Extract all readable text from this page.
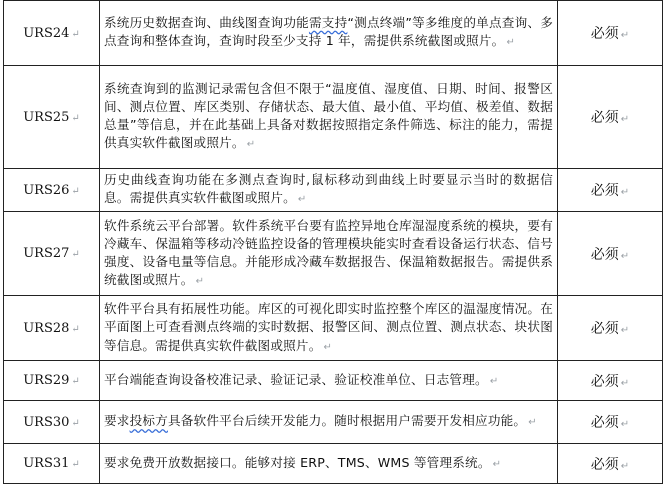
URS24 ↵	系统历史数据查询、曲线图查询功能需支持“测点终端”等多维度的单点查询、多点查询和整体查询，查询时段至少支持 1 年，需提供系统截图或照片。 ↵	必须 ↵
URS25 ↵	系统查询到的监测记录需包含但不限于“温度值、湿度值、日期、时间、报警区间、测点位置、库区类别、存储状态、最大值、最小值、平均值、极差值、数据总量”等信息，并在此基础上具备对数据按照指定条件筛选、标注的能力，需提供真实软件截图或照片。 ↵	必须 ↵
URS26 ↵	历史曲线查询功能在多测点查询时,鼠标移动到曲线上时要显示当时的数据信息。需提供真实软件截图或照片。 ↵	必须 ↵
URS27 ↵	软件系统云平台部署。软件系统平台要有监控异地仓库湿湿度系统的模块，要有冷藏车、保温箱等移动冷链监控设备的管理模块能实时查看设备运行状态、信号强度、设备电量等信息。并能形成冷藏车数据报告、保温箱数据报告。需提供系统截图或照片。 ↵	必须 ↵
URS28 ↵	软件平台具有拓展性功能。库区的可视化即实时监控整个库区的温湿度情况。在平面图上可查看测点终端的实时数据、报警区间、测点位置、测点状态、块状图等信息。需提供真实软件截图或照片。 ↵	必须 ↵
URS29 ↵	平台端能查询设备校准记录、验证记录、验证校准单位、日志管理。 ↵	必须 ↵
URS30 ↵	要求投标方具备软件平台后续开发能力。随时根据用户需要开发相应功能。 ↵	必须 ↵
URS31 ↵	要求免费开放数据接口。能够对接 ERP、TMS、WMS 等管理系统。 ↵	必须 ↵
